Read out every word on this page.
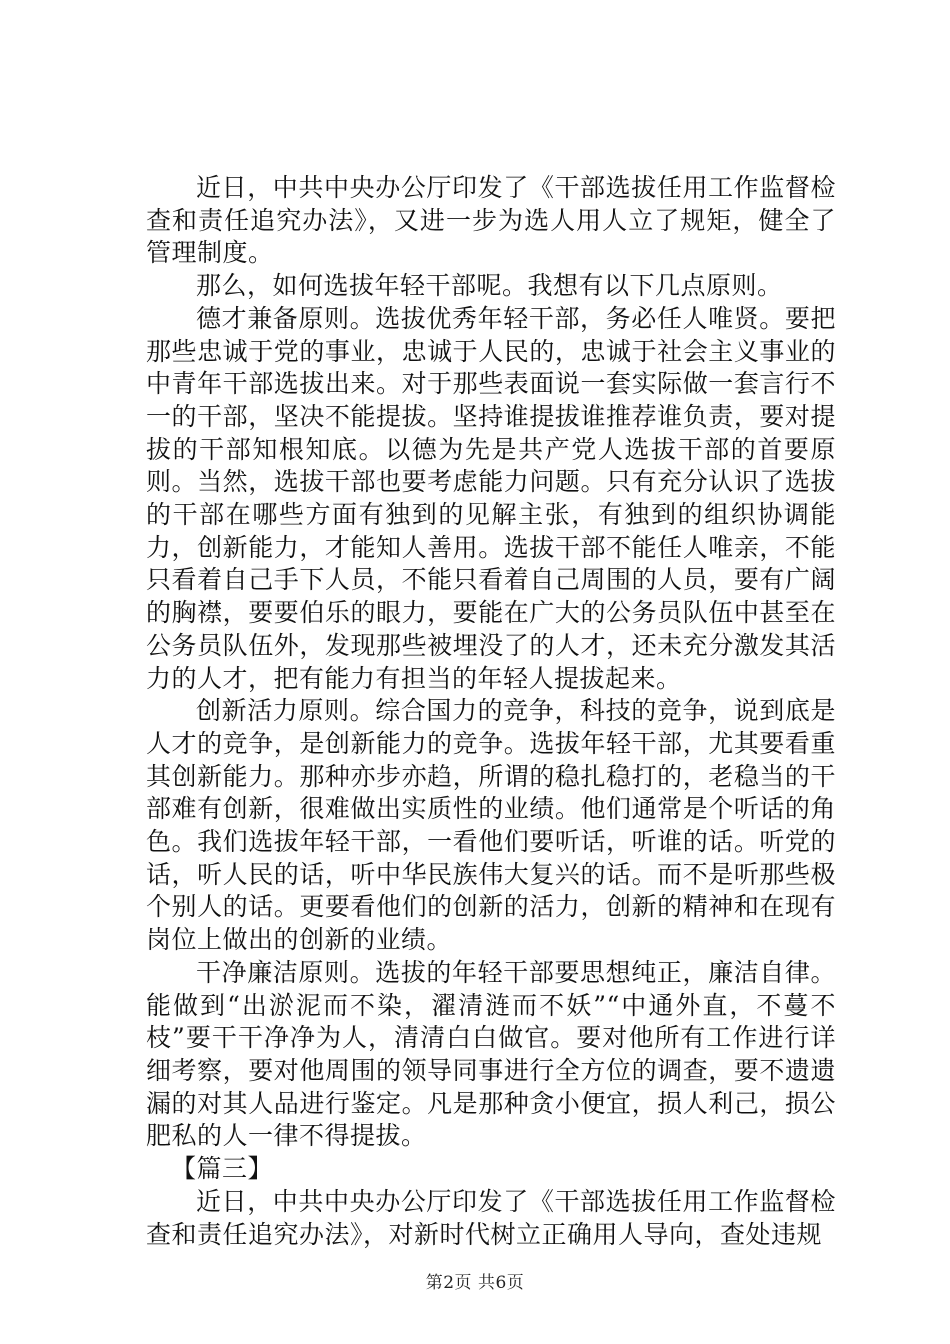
近日，中共中央办公厅印发了《干部选拔任用工作监督检查和责任追究办法》，又进一步为选人用人立了规矩，健全了管理制度。

那么，如何选拔年轻干部呢。我想有以下几点原则。

德才兼备原则。选拔优秀年轻干部，务必任人唯贤。要把那些忠诚于党的事业，忠诚于人民的，忠诚于社会主义事业的中青年干部选拔出来。对于那些表面说一套实际做一套言行不一的干部，坚决不能提拔。坚持谁提拔谁推荐谁负责，要对提拔的干部知根知底。以德为先是共产党人选拔干部的首要原则。当然，选拔干部也要考虑能力问题。只有充分认识了选拔的干部在哪些方面有独到的见解主张，有独到的组织协调能力，创新能力，才能知人善用。选拔干部不能任人唯亲，不能只看着自己手下人员，不能只看着自己周围的人员，要有广阔的胸襟，要要伯乐的眼力，要能在广大的公务员队伍中甚至在公务员队伍外，发现那些被埋没了的人才，还未充分激发其活力的人才，把有能力有担当的年轻人提拔起来。

创新活力原则。综合国力的竞争，科技的竞争，说到底是人才的竞争，是创新能力的竞争。选拔年轻干部，尤其要看重其创新能力。那种亦步亦趋，所谓的稳扎稳打的，老稳当的干部难有创新，很难做出实质性的业绩。他们通常是个听话的角色。我们选拔年轻干部，一看他们要听话，听谁的话。听党的话，听人民的话，听中华民族伟大复兴的话。而不是听那些极个别人的话。更要看他们的创新的活力，创新的精神和在现有岗位上做出的创新的业绩。

干净廉洁原则。选拔的年轻干部要思想纯正，廉洁自律。能做到“出淤泥而不染，濯清涟而不妖”“中通外直，不蔓不枝”要干干净净为人，清清白白做官。要对他所有工作进行详细考察，要对他周围的领导同事进行全方位的调查，要不遗遗漏的对其人品进行鉴定。凡是那种贪小便宜，损人利己，损公肥私的人一律不得提拔。

【篇三】

近日，中共中央办公厅印发了《干部选拔任用工作监督检查和责任追究办法》，对新时代树立正确用人导向，查处违规

第2页 共6页
